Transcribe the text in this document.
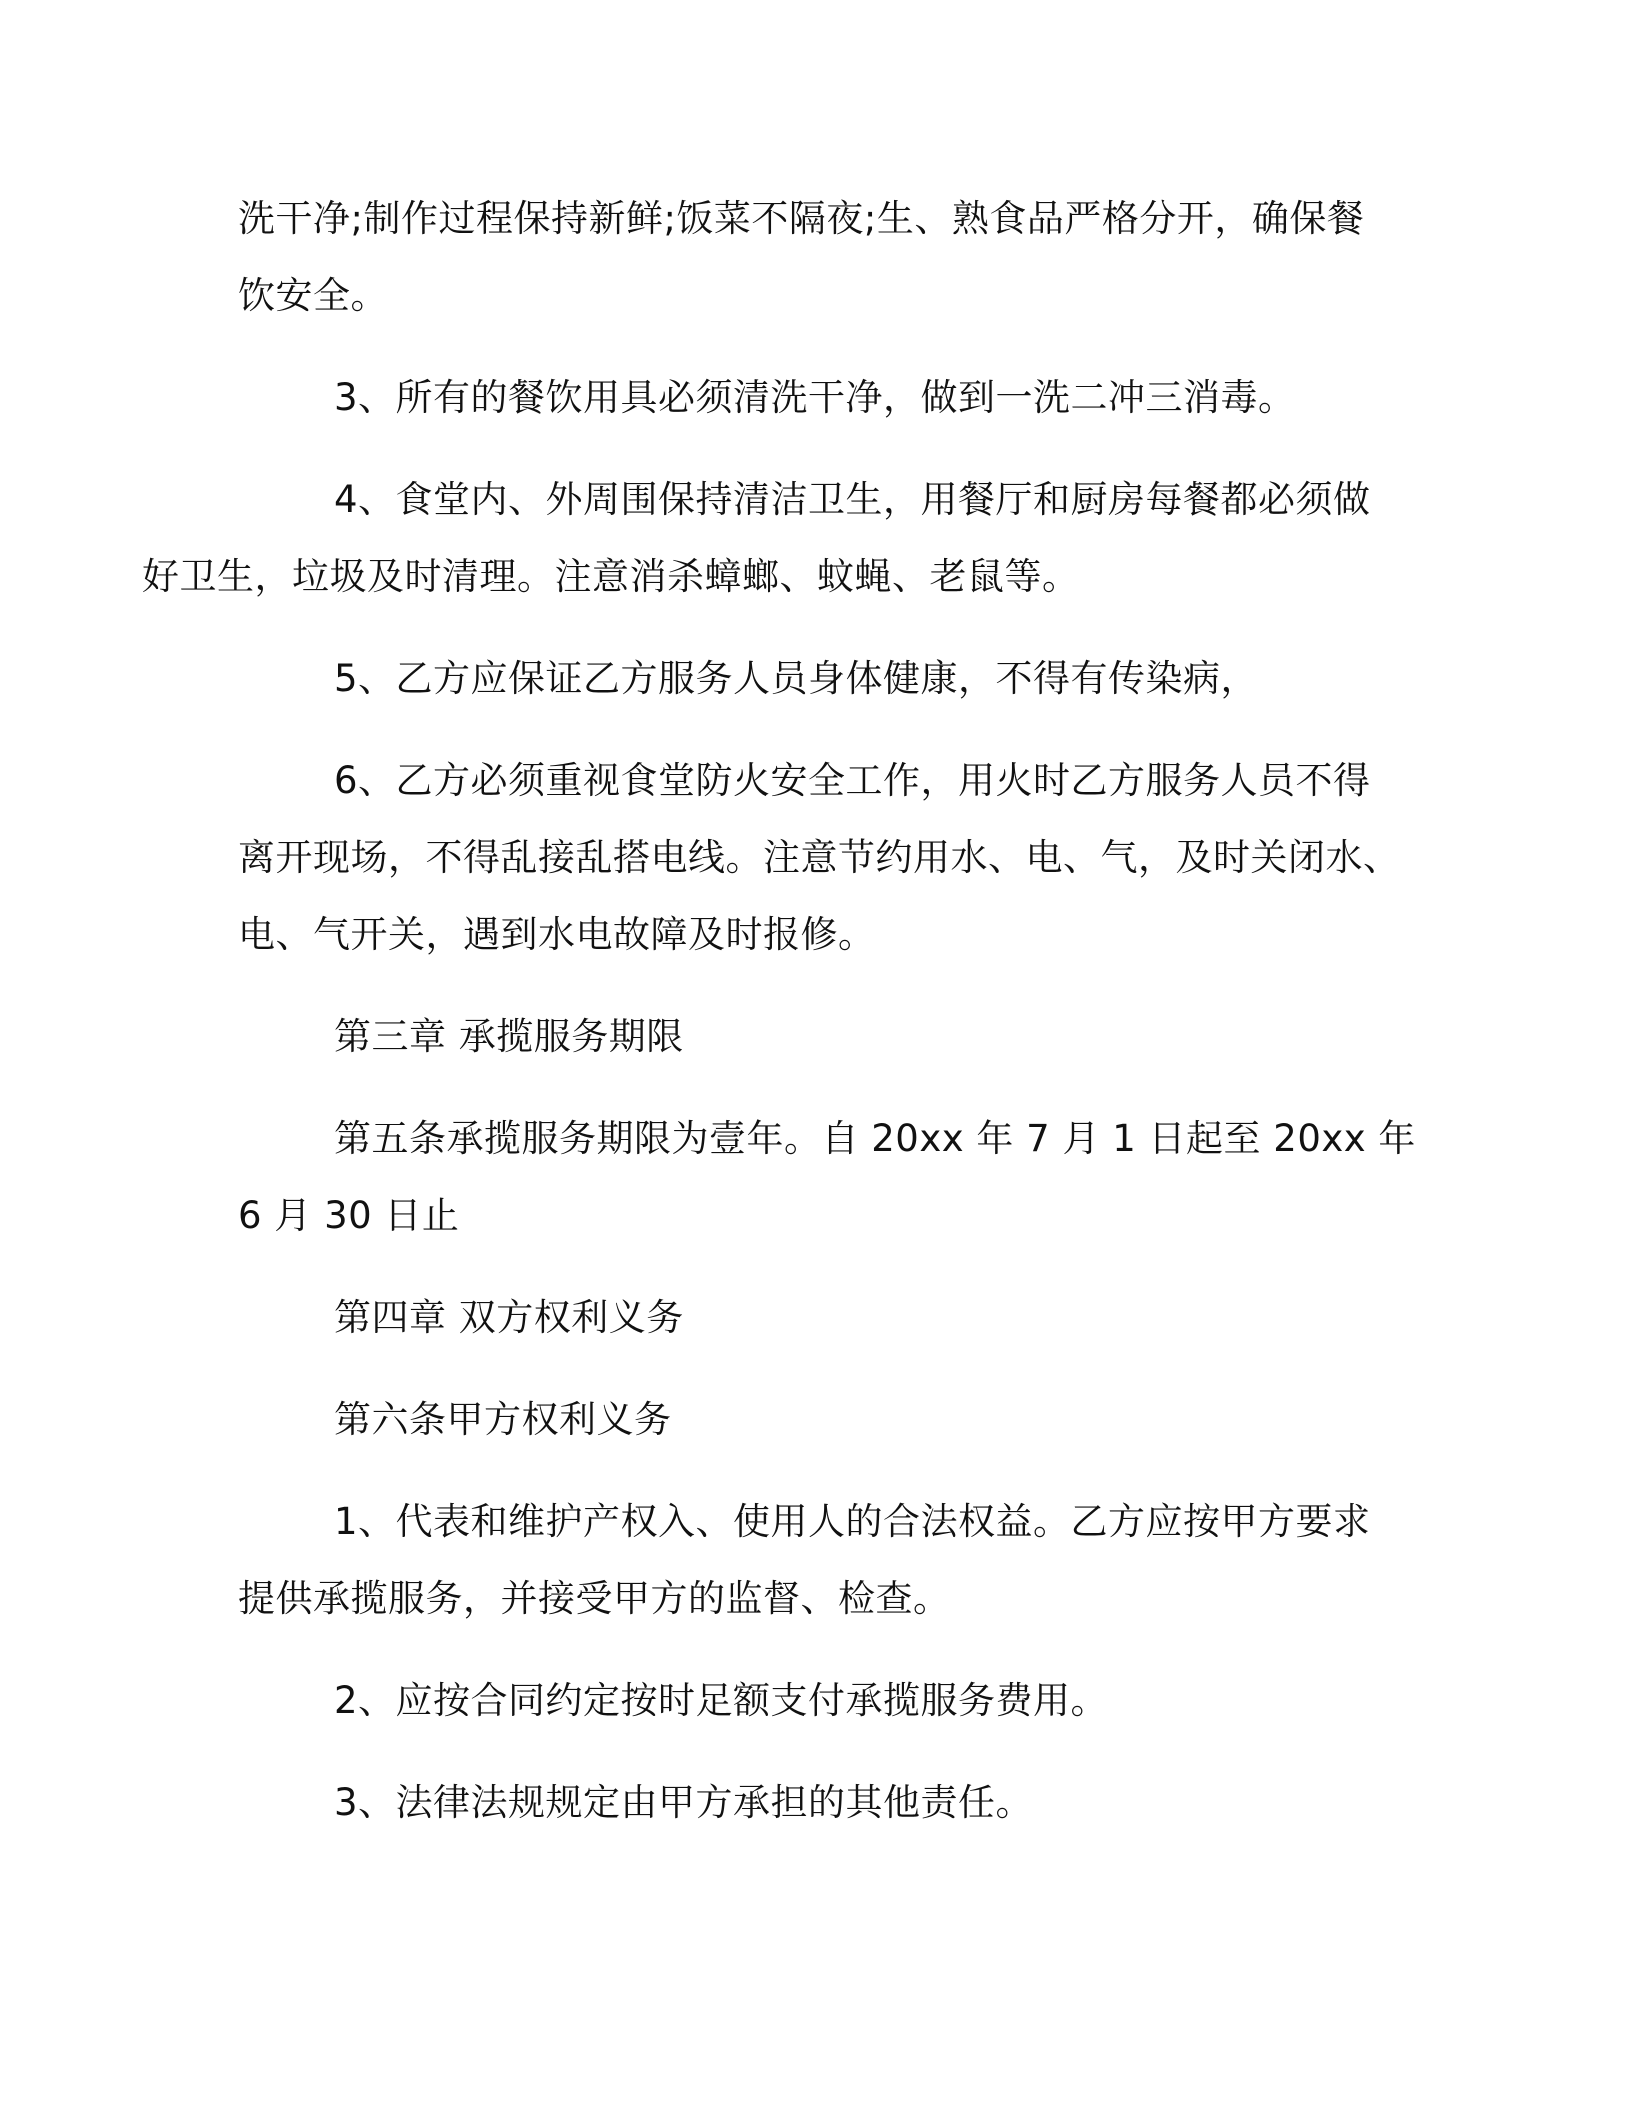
洗干净;制作过程保持新鲜;饭菜不隔夜;生、熟食品严格分开，确保餐
饮安全。

3、所有的餐饮用具必须清洗干净，做到一洗二冲三消毒。

4、食堂内、外周围保持清洁卫生，用餐厅和厨房每餐都必须做
好卫生，垃圾及时清理。注意消杀蟑螂、蚊蝇、老鼠等。

5、乙方应保证乙方服务人员身体健康，不得有传染病，

6、乙方必须重视食堂防火安全工作，用火时乙方服务人员不得
离开现场，不得乱接乱搭电线。注意节约用水、电、气，及时关闭水、
电、气开关，遇到水电故障及时报修。

第三章 承揽服务期限

第五条承揽服务期限为壹年。自 20xx 年 7 月 1 日起至 20xx 年
6 月 30 日止

第四章 双方权利义务

第六条甲方权利义务

1、代表和维护产权入、使用人的合法权益。乙方应按甲方要求
提供承揽服务，并接受甲方的监督、检查。

2、应按合同约定按时足额支付承揽服务费用。

3、法律法规规定由甲方承担的其他责任。
